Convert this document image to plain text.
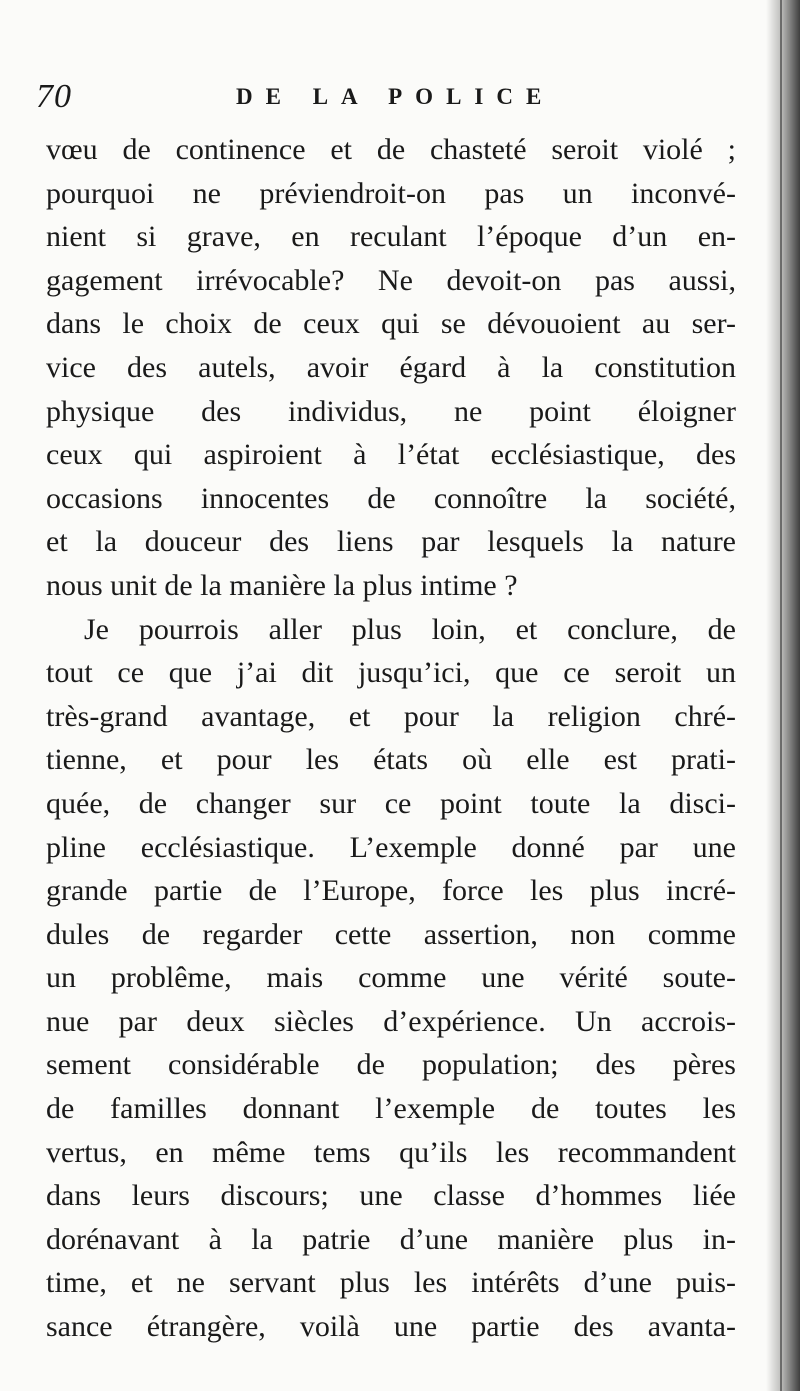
70	DE LA POLICE
vœu de continence et de chasteté seroit violé ;
pourquoi ne préviendroit-on pas un inconvé-
nient si grave, en reculant l’époque d’un en-
gagement irrévocable? Ne devoit-on pas aussi,
dans le choix de ceux qui se dévouoient au ser-
vice des autels, avoir égard à la constitution
physique des individus, ne point éloigner
ceux qui aspiroient à l’état ecclésiastique, des
occasions innocentes de connoître la société,
et la douceur des liens par lesquels la nature
nous unit de la manière la plus intime ?
Je pourrois aller plus loin, et conclure, de
tout ce que j’ai dit jusqu’ici, que ce seroit un
très-grand avantage, et pour la religion chré-
tienne, et pour les états où elle est prati-
quée, de changer sur ce point toute la disci-
pline ecclésiastique. L’exemple donné par une
grande partie de l’Europe, force les plus incré-
dules de regarder cette assertion, non comme
un problême, mais comme une vérité soute-
nue par deux siècles d’expérience. Un accrois-
sement considérable de population; des pères
de familles donnant l’exemple de toutes les
vertus, en même tems qu’ils les recommandent
dans leurs discours; une classe d’hommes liée
dorénavant à la patrie d’une manière plus in-
time, et ne servant plus les intérêts d’une puis-
sance étrangère, voilà une partie des avanta-
